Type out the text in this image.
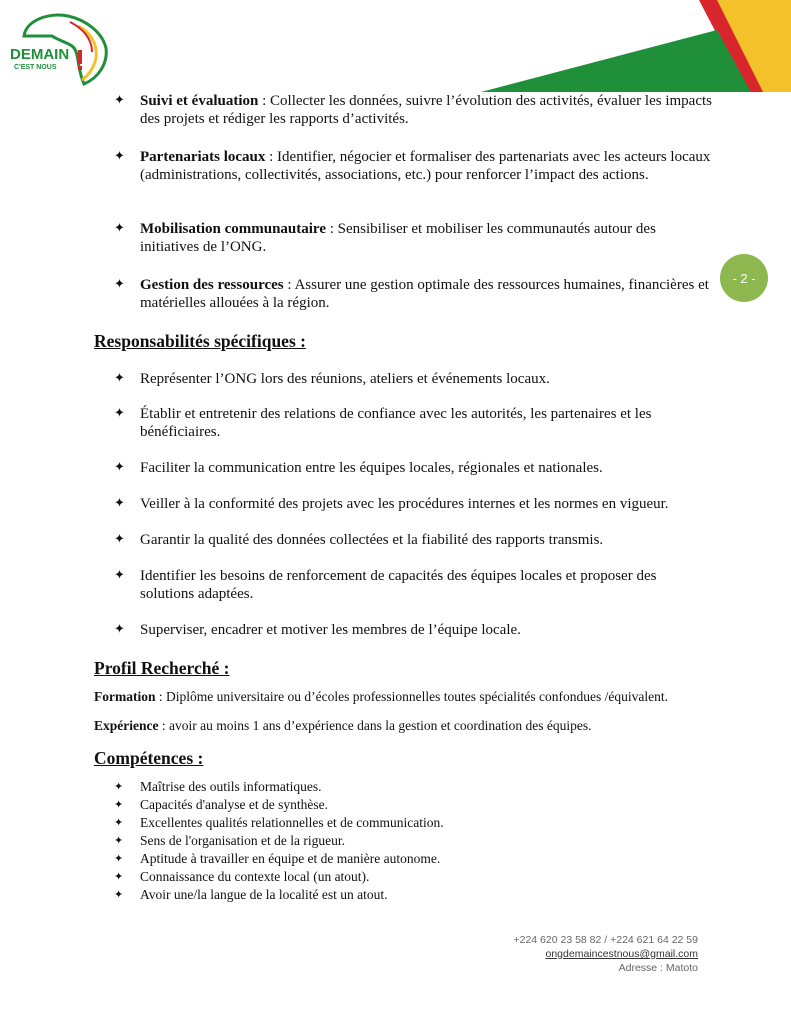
DEMAIN
C'EST NOUS
- 2 -
✦ Suivi et évaluation : Collecter les données, suivre l’évolution des activités, évaluer les impacts des projets et rédiger les rapports d’activités.
✦ Partenariats locaux : Identifier, négocier et formaliser des partenariats avec les acteurs locaux (administrations, collectivités, associations, etc.) pour renforcer l’impact des actions.
✦ Mobilisation communautaire : Sensibiliser et mobiliser les communautés autour des initiatives de l’ONG.
✦ Gestion des ressources : Assurer une gestion optimale des ressources humaines, financières et matérielles allouées à la région.
Responsabilités spécifiques :
✦ Représenter l’ONG lors des réunions, ateliers et événements locaux.
✦ Établir et entretenir des relations de confiance avec les autorités, les partenaires et les bénéficiaires.
✦ Faciliter la communication entre les équipes locales, régionales et nationales.
✦ Veiller à la conformité des projets avec les procédures internes et les normes en vigueur.
✦ Garantir la qualité des données collectées et la fiabilité des rapports transmis.
✦ Identifier les besoins de renforcement de capacités des équipes locales et proposer des solutions adaptées.
✦ Superviser, encadrer et motiver les membres de l’équipe locale.
Profil Recherché :

Formation : Diplôme universitaire ou d’écoles professionnelles toutes spécialités confondues /équivalent.

Expérience : avoir au moins 1 ans d’expérience dans la gestion et coordination des équipes.

Compétences :
✦ Maîtrise des outils informatiques.
✦ Capacités d'analyse et de synthèse.
✦ Excellentes qualités relationnelles et de communication.
✦ Sens de l'organisation et de la rigueur.
✦ Aptitude à travailler en équipe et de manière autonome.
✦ Connaissance du contexte local (un atout).
✦ Avoir une/la langue de la localité est un atout.
+224 620 23 58 82 / +224 621 64 22 59
ongdemaincestnous@gmail.com
Adresse : Matoto
